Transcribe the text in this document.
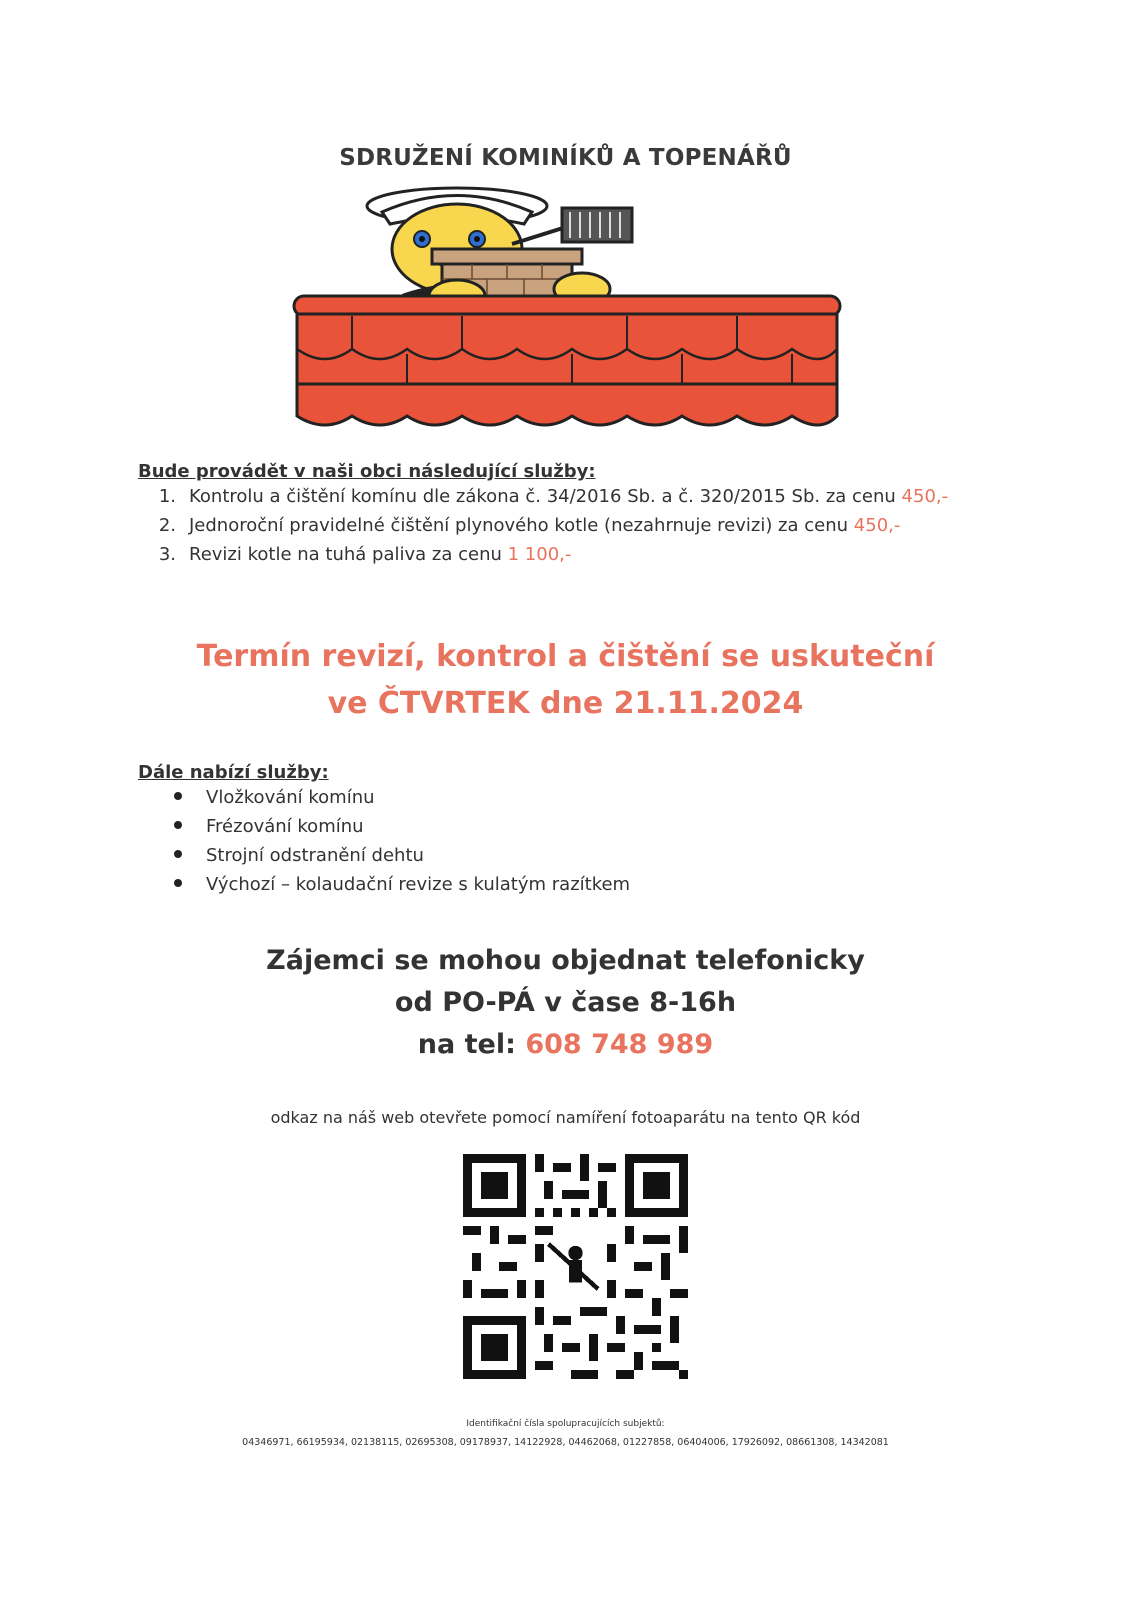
SDRUŽENÍ KOMINÍKŮ A TOPENÁŘŮ
Bude provádět v naši obci následující služby:
1. Kontrolu a čištění komínu dle zákona č. 34/2016 Sb. a č. 320/2015 Sb. za cenu 450,-
2. Jednoroční pravidelné čištění plynového kotle (nezahrnuje revizi) za cenu 450,-
3. Revizi kotle na tuhá paliva za cenu 1 100,-
Termín revizí, kontrol a čištění se uskuteční
ve ČTVRTEK dne 21.11.2024
Dále nabízí služby:
Vložkování komínu
Frézování komínu
Strojní odstranění dehtu
Výchozí – kolaudační revize s kulatým razítkem
Zájemci se mohou objednat telefonicky
od PO-PÁ v čase 8-16h
na tel: 608 748 989
odkaz na náš web otevřete pomocí namíření fotoaparátu na tento QR kód
Identifikační čísla spolupracujících subjektů:
04346971, 66195934, 02138115, 02695308, 09178937, 14122928, 04462068, 01227858, 06404006, 17926092, 08661308, 14342081
